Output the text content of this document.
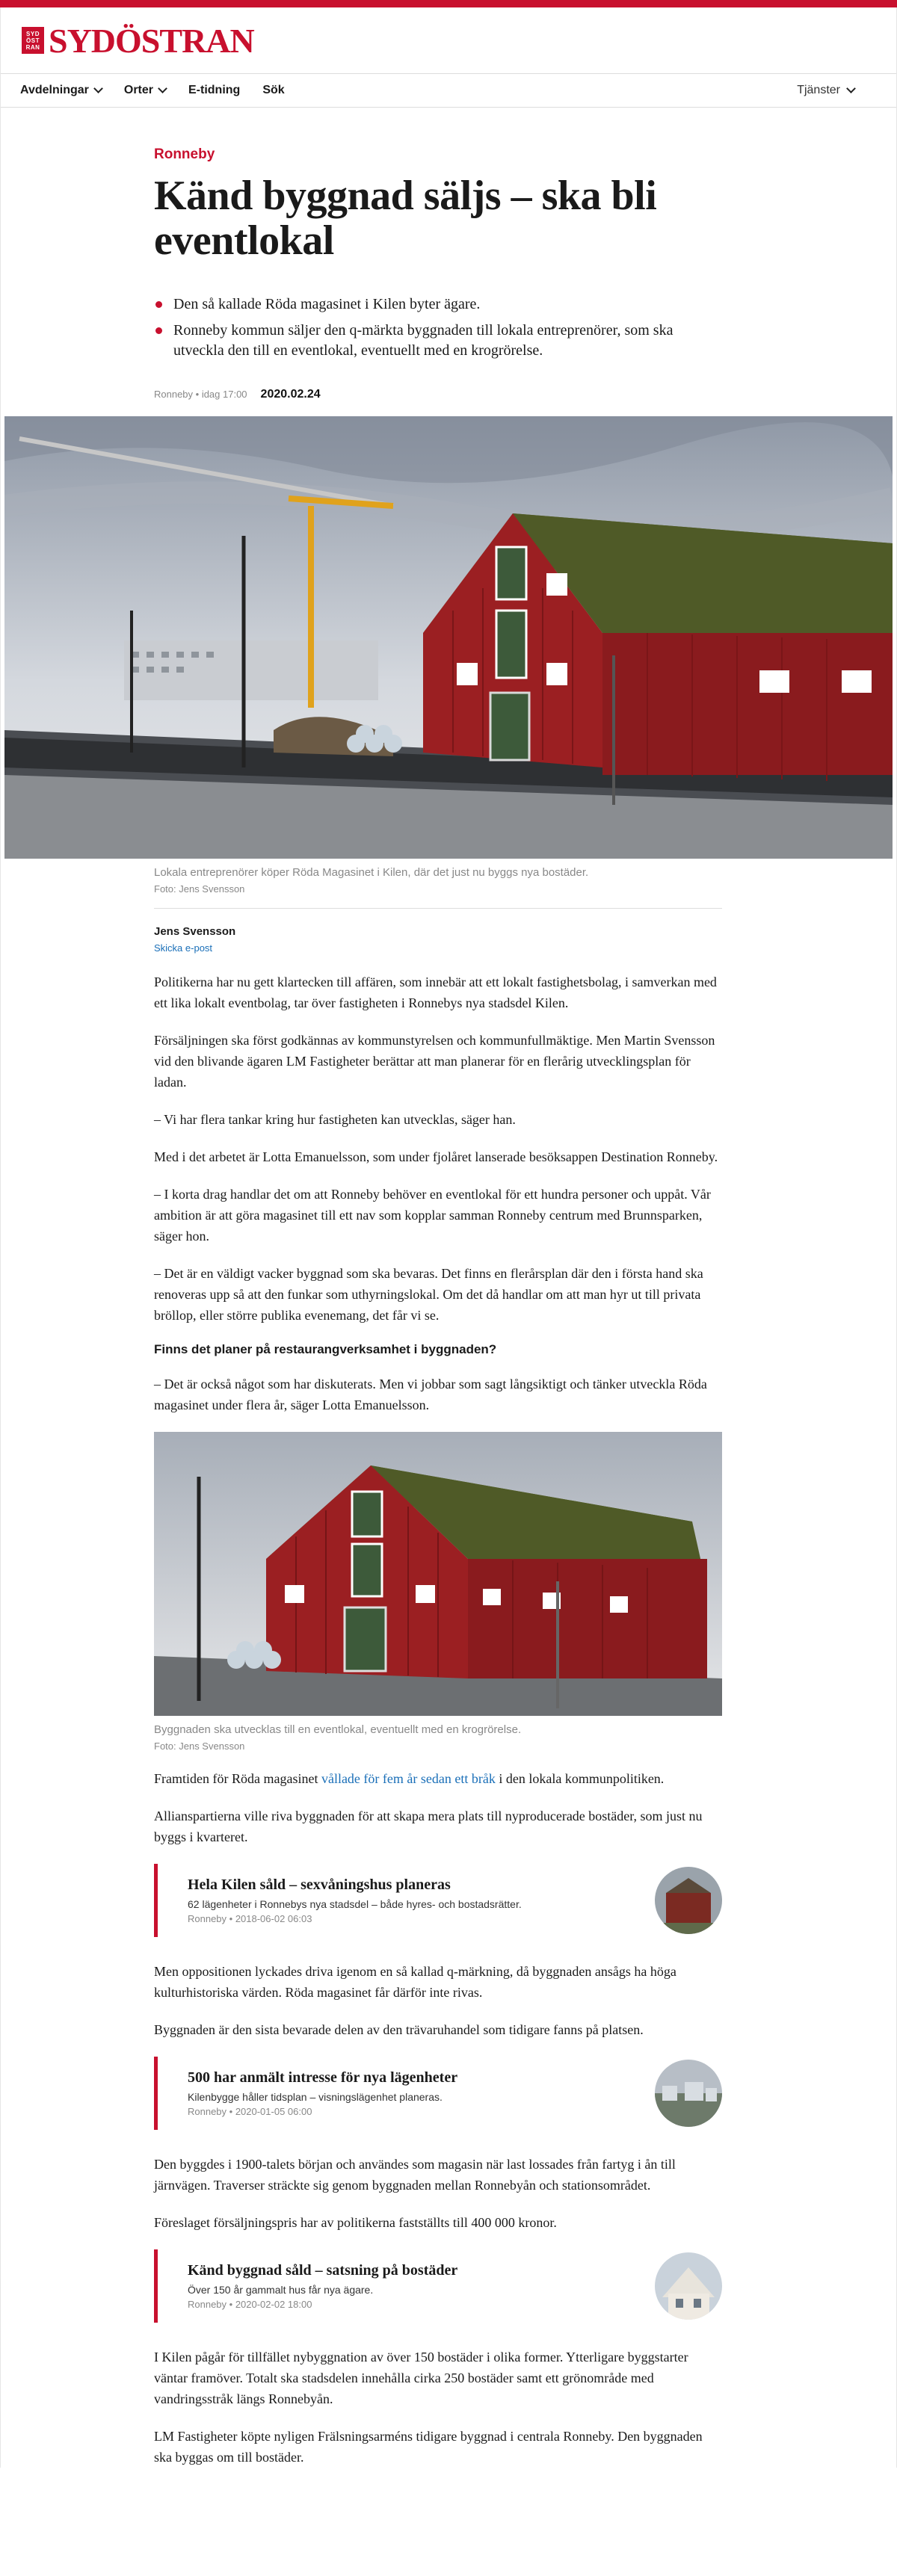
SYD
ÖST
RAN SYDÖSTRAN
Avdelningar	Orter	E-tidning Sök	Tjänster
Ronneby
Känd byggnad säljs – ska bli eventlokal
Den så kallade Röda magasinet i Kilen byter ägare.
Ronneby kommun säljer den q-märkta byggnaden till lokala entreprenörer, som ska utveckla den till en eventlokal, eventuellt med en krogrörelse.
Ronneby • idag 17:00 2020.02.24
Lokala entreprenörer köper Röda Magasinet i Kilen, där det just nu byggs nya bostäder.
Foto: Jens Svensson
Jens Svensson
Skicka e-post

Politikerna har nu gett klartecken till affären, som innebär att ett lokalt fastighetsbolag, i samverkan med ett lika lokalt eventbolag, tar över fastigheten i Ronnebys nya stadsdel Kilen.

Försäljningen ska först godkännas av kommunstyrelsen och kommunfullmäktige. Men Martin Svensson vid den blivande ägaren LM Fastigheter berättar att man planerar för en flerårig utvecklingsplan för ladan.

– Vi har flera tankar kring hur fastigheten kan utvecklas, säger han.

Med i det arbetet är Lotta Emanuelsson, som under fjolåret lanserade besöksappen Destination Ronneby.

– I korta drag handlar det om att Ronneby behöver en eventlokal för ett hundra personer och uppåt. Vår ambition är att göra magasinet till ett nav som kopplar samman Ronneby centrum med Brunnsparken, säger hon.

– Det är en väldigt vacker byggnad som ska bevaras. Det finns en flerårsplan där den i första hand ska renoveras upp så att den funkar som uthyrningslokal. Om det då handlar om att man hyr ut till privata bröllop, eller större publika evenemang, det får vi se.

Finns det planer på restaurangverksamhet i byggnaden?

– Det är också något som har diskuterats. Men vi jobbar som sagt långsiktigt och tänker utveckla Röda magasinet under flera år, säger Lotta Emanuelsson.

Byggnaden ska utvecklas till en eventlokal, eventuellt med en krogrörelse.
Foto: Jens Svensson

Framtiden för Röda magasinet vållade för fem år sedan ett bråk i den lokala kommunpolitiken.

Allianspartierna ville riva byggnaden för att skapa mera plats till nyproducerade bostäder, som just nu byggs i kvarteret.

Hela Kilen såld – sexvåningshus planeras
62 lägenheter i Ronnebys nya stadsdel – både hyres- och bostadsrätter.
Ronneby • 2018-06-02 06:03

Men oppositionen lyckades driva igenom en så kallad q-märkning, då byggnaden ansågs ha höga kulturhistoriska värden. Röda magasinet får därför inte rivas.

Byggnaden är den sista bevarade delen av den trävaruhandel som tidigare fanns på platsen.

500 har anmält intresse för nya lägenheter
Kilenbygge håller tidsplan – visningslägenhet planeras.
Ronneby • 2020-01-05 06:00

Den byggdes i 1900-talets början och användes som magasin när last lossades från fartyg i ån till järnvägen. Traverser sträckte sig genom byggnaden mellan Ronnebyån och stationsområdet.

Föreslaget försäljningspris har av politikerna fastställts till 400 000 kronor.

Känd byggnad såld – satsning på bostäder
Över 150 år gammalt hus får nya ägare.
Ronneby • 2020-02-02 18:00

I Kilen pågår för tillfället nybyggnation av över 150 bostäder i olika former. Ytterligare byggstarter väntar framöver. Totalt ska stadsdelen innehålla cirka 250 bostäder samt ett grönområde med vandringsstråk längs Ronnebyån.

LM Fastigheter köpte nyligen Frälsningsarméns tidigare byggnad i centrala Ronneby. Den byggnaden ska byggas om till bostäder.
